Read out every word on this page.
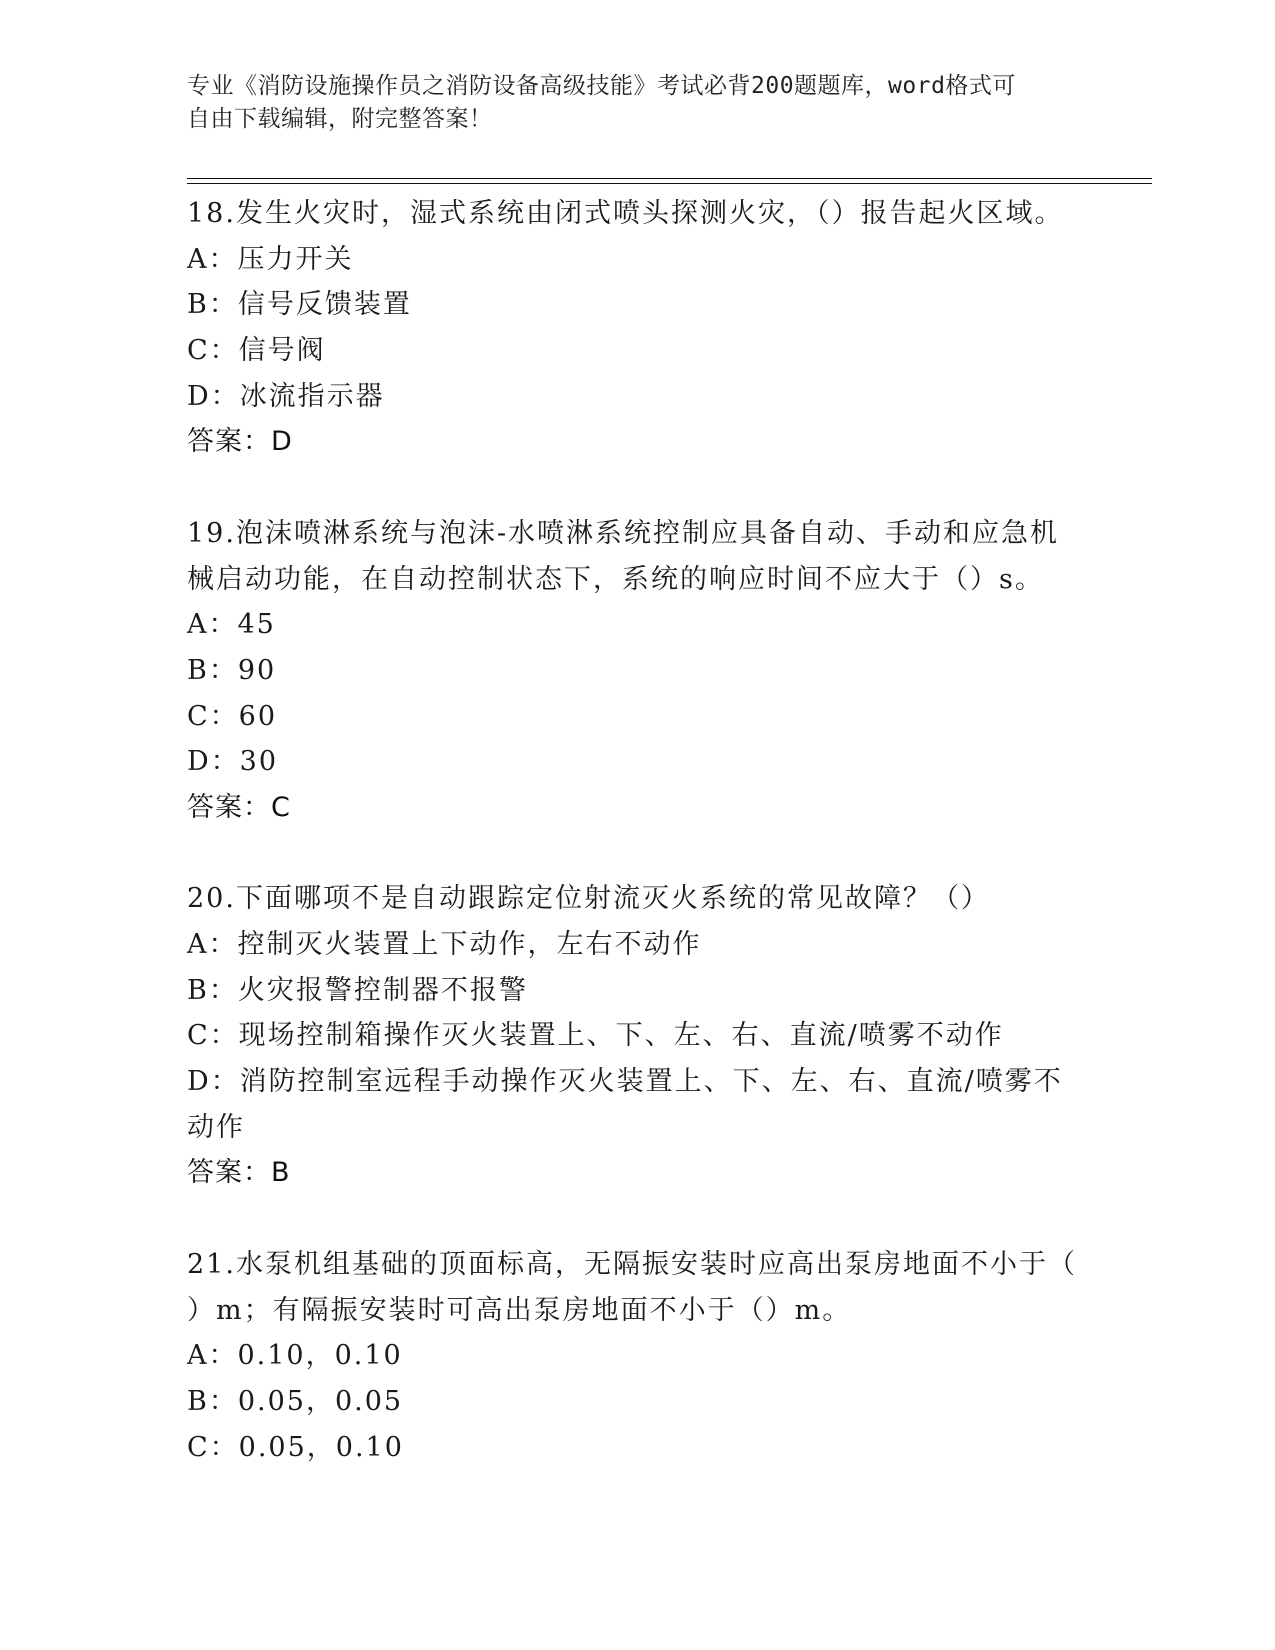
专业《消防设施操作员之消防设备高级技能》考试必背200题题库，word格式可
自由下载编辑，附完整答案！
18.发生火灾时，湿式系统由闭式喷头探测火灾，（）报告起火区域。
A：压力开关
B：信号反馈装置
C：信号阀
D：冰流指示器
答案：D
19.泡沫喷淋系统与泡沫-水喷淋系统控制应具备自动、手动和应急机
械启动功能，在自动控制状态下，系统的响应时间不应大于（）s。
A：45
B：90
C：60
D：30
答案：C
20.下面哪项不是自动跟踪定位射流灭火系统的常见故障？（）
A：控制灭火装置上下动作，左右不动作
B：火灾报警控制器不报警
C：现场控制箱操作灭火装置上、下、左、右、直流/喷雾不动作
D：消防控制室远程手动操作灭火装置上、下、左、右、直流/喷雾不
动作
答案：B
21.水泵机组基础的顶面标高，无隔振安装时应高出泵房地面不小于（
）m；有隔振安装时可高出泵房地面不小于（）m。
A：0.10，0.10
B：0.05，0.05
C：0.05，0.10
